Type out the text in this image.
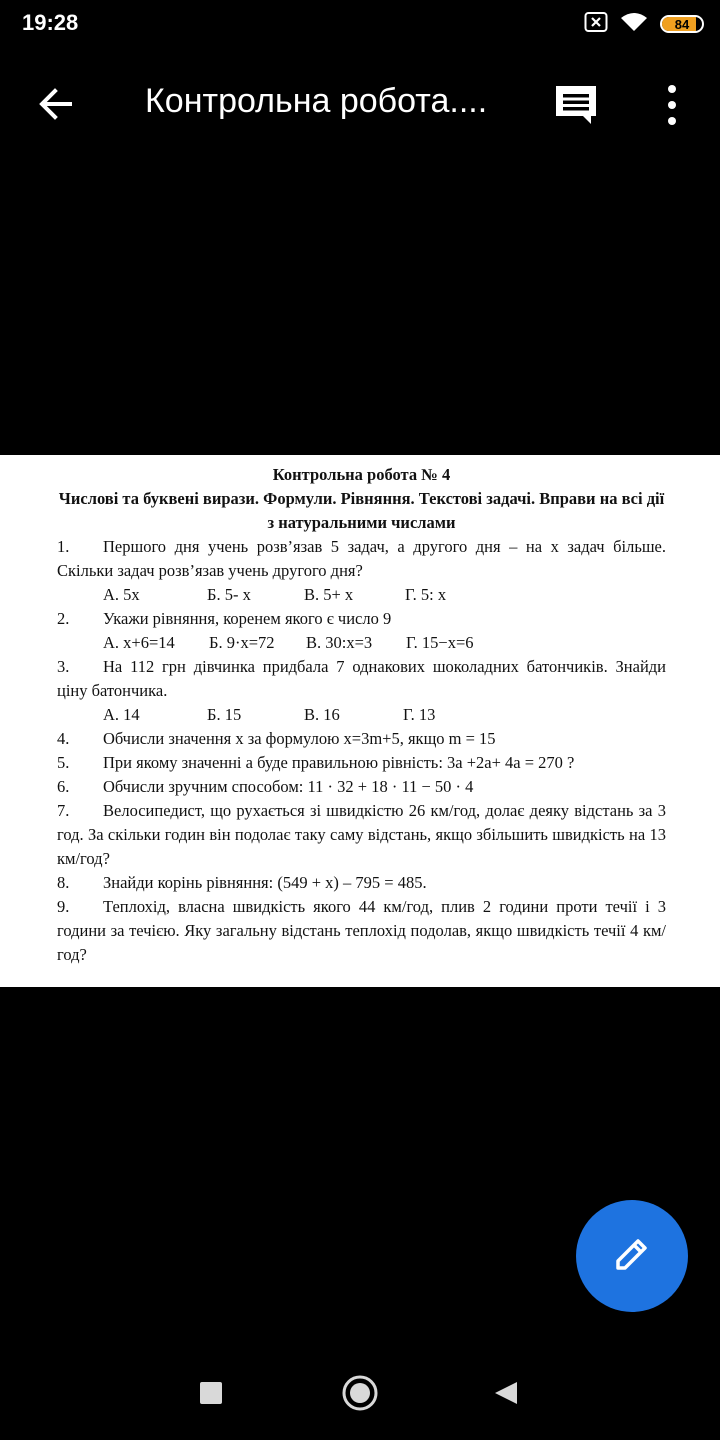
19:28	84
Контрольна робота....
Контрольна робота № 4
Числові та буквені вирази. Формули. Рівняння. Текстові задачі. Вправи на всі дії з натуральними числами
1. Першого дня учень розв’язав 5 задач, а другого дня – на x задач більше. Скільки задач розв’язав учень другого дня?
А. 5x	Б. 5- x	В. 5+ x	Г. 5: x
2. Укажи рівняння, коренем якого є число 9
А. x+6=14	Б. 9·x=72	В. 30:x=3	Г. 15−x=6
3. На 112 грн дівчинка придбала 7 однакових шоколадних батончиків. Знайди ціну батончика.
А. 14	Б. 15	В. 16	Г. 13
4. Обчисли значення x за формулою x=3m+5, якщо m = 15
5. При якому значенні a буде правильною рівність: 3a +2a+ 4a = 270 ?
6. Обчисли зручним способом: 11 · 32 + 18 · 11 − 50 · 4
7. Велосипедист, що рухається зі швидкістю 26 км/год, долає деяку відстань за 3 год. За скільки годин він подолає таку саму відстань, якщо збільшить швидкість на 13 км/год?
8. Знайди корінь рівняння: (549 + x) – 795 = 485.
9. Теплохід, власна швидкість якого 44 км/год, плив 2 години проти течії і 3 години за течією. Яку загальну відстань теплохід подолав, якщо швидкість течії 4 км/год?
